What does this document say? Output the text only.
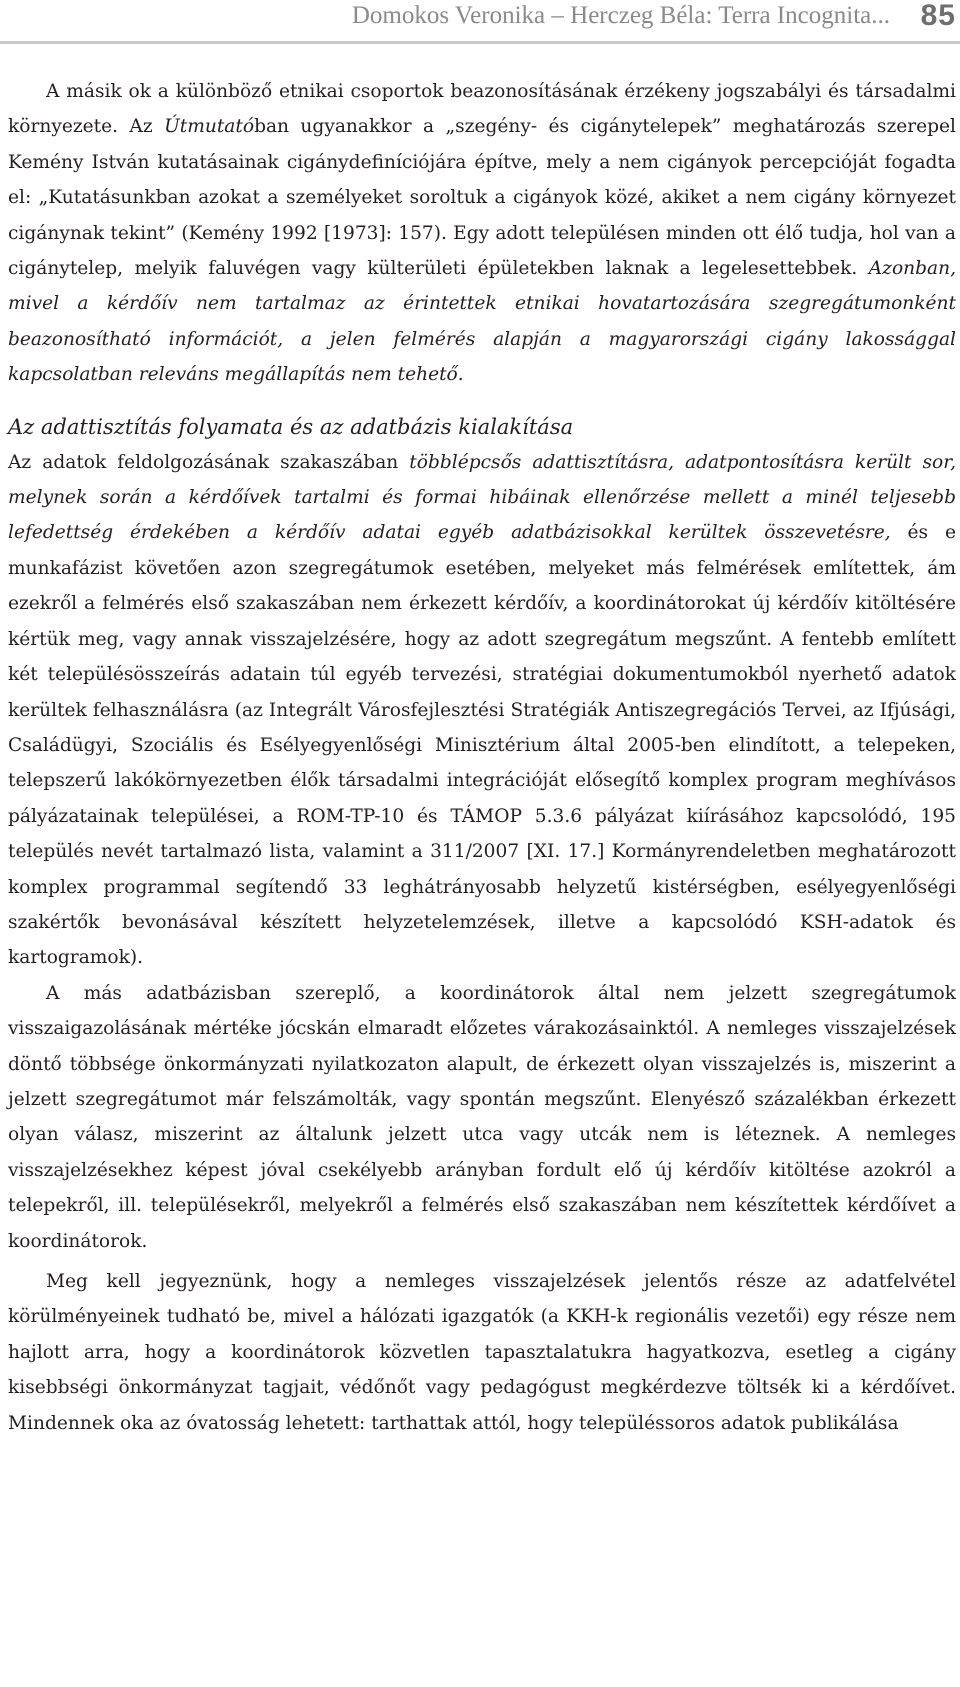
Domokos Veronika – Herczeg Béla: Terra Incognita... 85

A másik ok a különböző etnikai csoportok beazonosításának érzékeny jogszabályi és társadalmi környezete. Az Útmutatóban ugyanakkor a „szegény- és cigánytelepek” meghatározás szerepel Kemény István kutatásainak cigánydefiníciójára építve, mely a nem cigányok percepcióját fogadta el: „Kutatásunkban azokat a személyeket soroltuk a cigányok közé, akiket a nem cigány környezet cigánynak tekint” (Kemény 1992 [1973]: 157). Egy adott településen minden ott élő tudja, hol van a cigánytelep, melyik faluvégen vagy külterületi épületekben laknak a legelesettebbek. Azonban, mivel a kérdőív nem tartalmaz az érintettek etnikai hovatartozására szegregátumonként beazonosítható információt, a jelen felmérés alapján a magyarországi cigány lakossággal kapcsolatban releváns megállapítás nem tehető.

Az adattisztítás folyamata és az adatbázis kialakítása

Az adatok feldolgozásának szakaszában többlépcsős adattisztításra, adatpontosításra került sor, melynek során a kérdőívek tartalmi és formai hibáinak ellenőrzése mellett a minél teljesebb lefedettség érdekében a kérdőív adatai egyéb adatbázisokkal kerültek összevetésre, és e munkafázist követően azon szegregátumok esetében, melyeket más felmérések említettek, ám ezekről a felmérés első szakaszában nem érkezett kérdőív, a koordinátorokat új kérdőív kitöltésére kértük meg, vagy annak visszajelzésére, hogy az adott szegregátum megszűnt. A fentebb említett két településösszeírás adatain túl egyéb tervezési, stratégiai dokumentumokból nyerhető adatok kerültek felhasználásra (az Integrált Városfejlesztési Stratégiák Antiszegregációs Tervei, az Ifjúsági, Családügyi, Szociális és Esélyegyenlőségi Minisztérium által 2005-ben elindított, a telepeken, telepszerű lakókörnyezetben élők társadalmi integrációját elősegítő komplex program meghívásos pályázatainak települései, a ROM-TP-10 és TÁMOP 5.3.6 pályázat kiírásához kapcsolódó, 195 település nevét tartalmazó lista, valamint a 311/2007 [XI. 17.] Kormányrendeletben meghatározott komplex programmal segítendő 33 leghátrányosabb helyzetű kistérségben, esélyegyenlőségi szakértők bevonásával készített helyzetelemzések, illetve a kapcsolódó KSH-adatok és kartogramok).

A más adatbázisban szereplő, a koordinátorok által nem jelzett szegregátumok visszaigazolásának mértéke jócskán elmaradt előzetes várakozásainktól. A nemleges visszajelzések döntő többsége önkormányzati nyilatkozaton alapult, de érkezett olyan visszajelzés is, miszerint a jelzett szegregátumot már felszámolták, vagy spontán megszűnt. Elenyésző százalékban érkezett olyan válasz, miszerint az általunk jelzett utca vagy utcák nem is léteznek. A nemleges visszajelzésekhez képest jóval csekélyebb arányban fordult elő új kérdőív kitöltése azokról a telepekről, ill. településekről, melyekről a felmérés első szakaszában nem készítettek kérdőívet a koordinátorok.

Meg kell jegyeznünk, hogy a nemleges visszajelzések jelentős része az adatfelvétel körülményeinek tudható be, mivel a hálózati igazgatók (a KKH-k regionális vezetői) egy része nem hajlott arra, hogy a koordinátorok közvetlen tapasztalatukra hagyatkozva, esetleg a cigány kisebbségi önkormányzat tagjait, védőnőt vagy pedagógust megkérdezve töltsék ki a kérdőívet. Mindennek oka az óvatosság lehetett: tarthattak attól, hogy településsoros adatok publikálása
